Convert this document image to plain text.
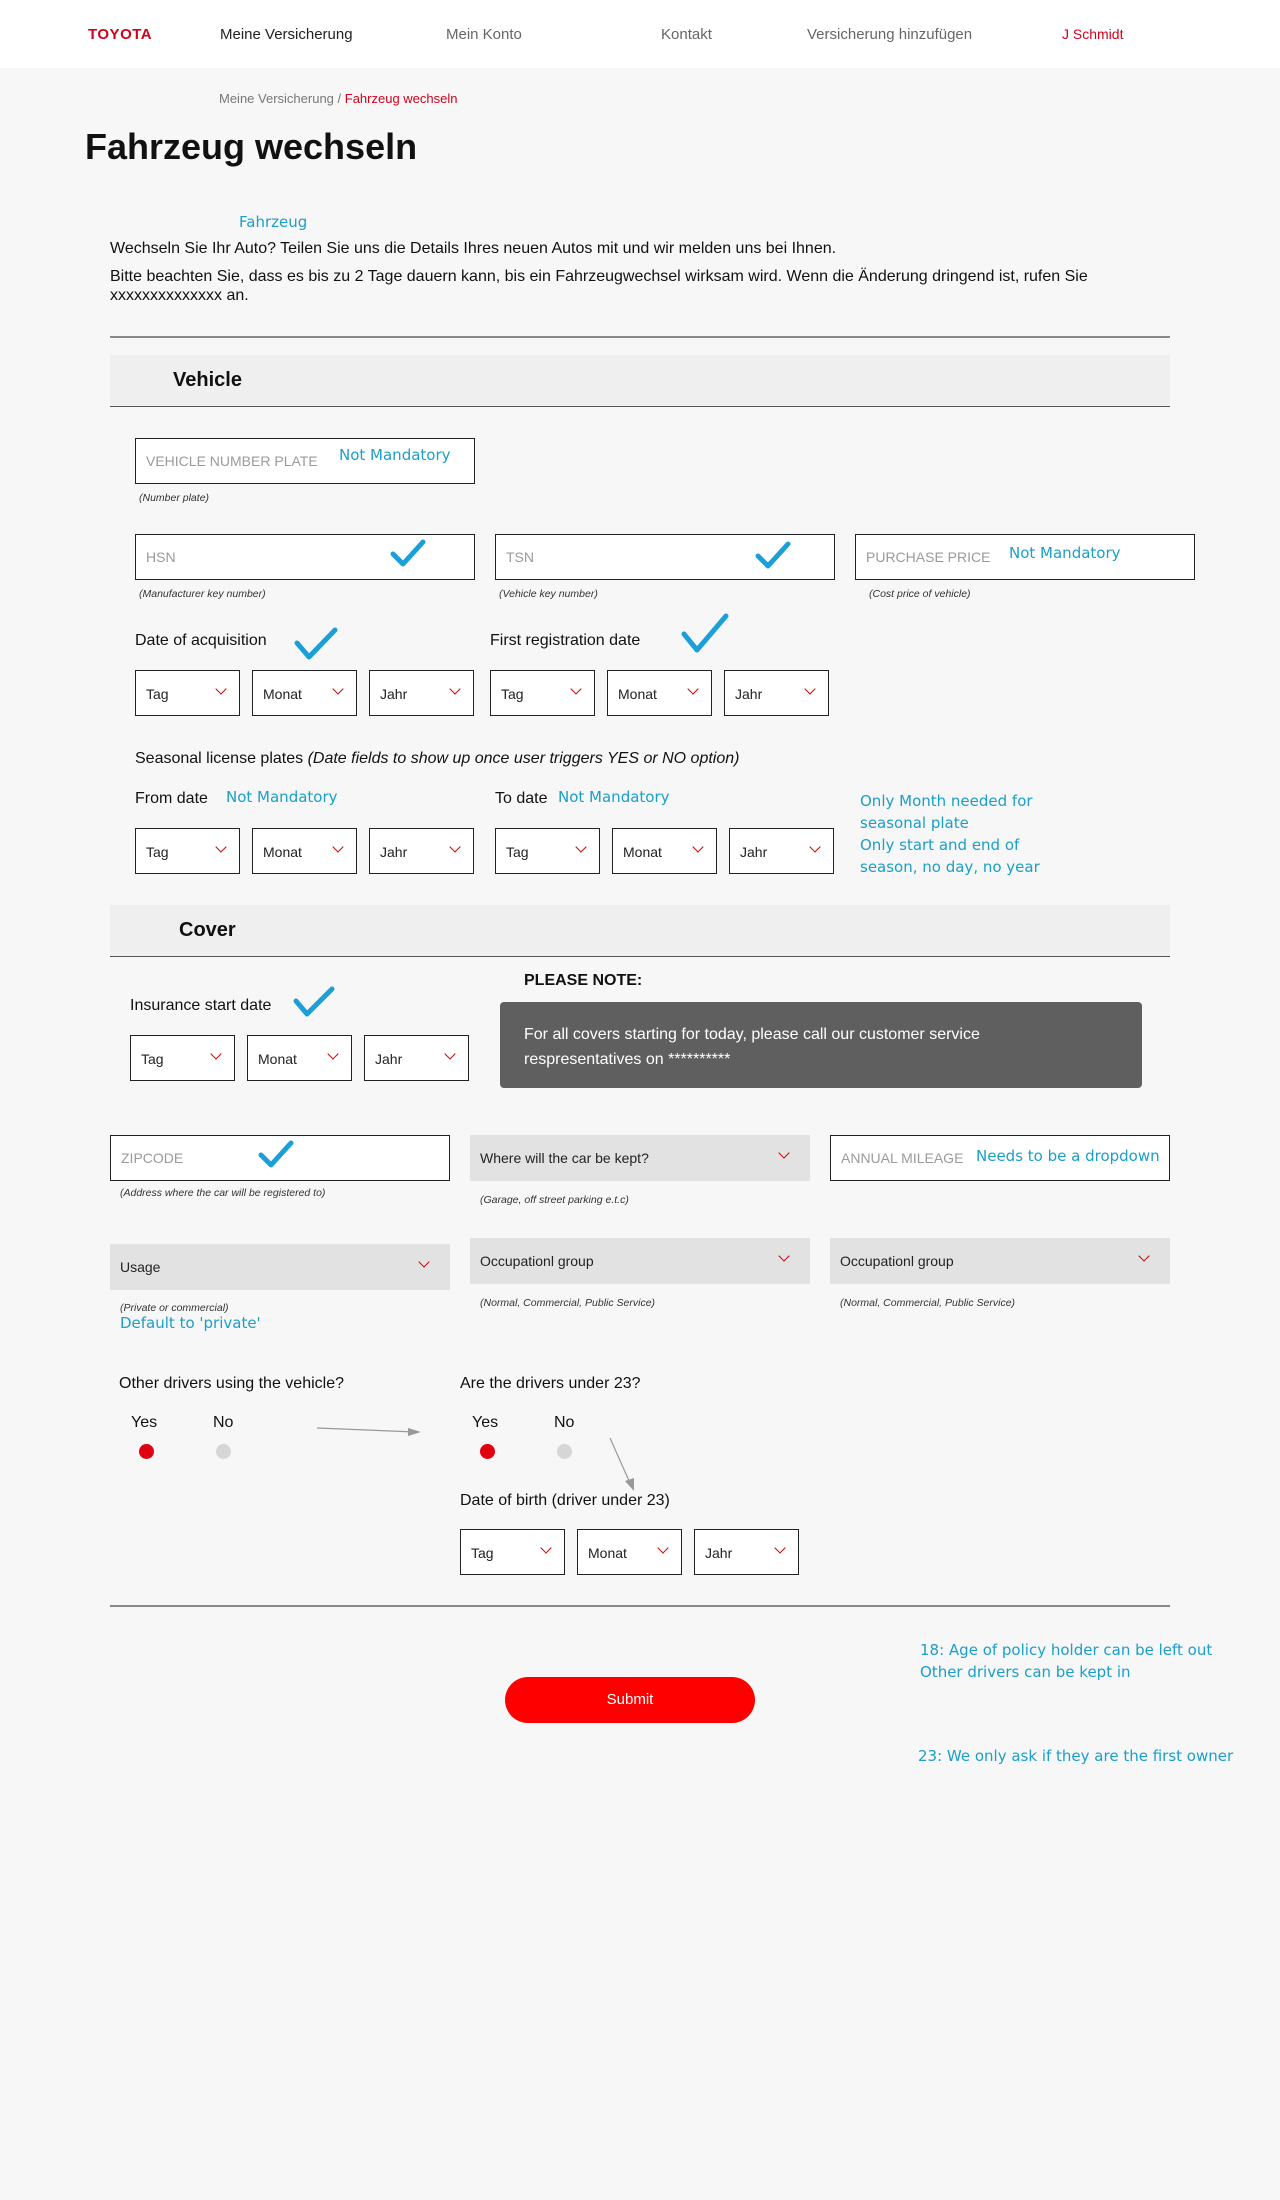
TOYOTA	Meine Versicherung	Mein Konto	Kontakt	Versicherung hinzufügen	J Schmidt
Meine Versicherung / Fahrzeug wechseln
Fahrzeug wechseln
Fahrzeug
Wechseln Sie Ihr Auto? Teilen Sie uns die Details Ihres neuen Autos mit und wir melden uns bei Ihnen.
Bitte beachten Sie, dass es bis zu 2 Tage dauern kann, bis ein Fahrzeugwechsel wirksam wird. Wenn die Änderung dringend ist, rufen Sie xxxxxxxxxxxxxx an.
Vehicle
VEHICLE NUMBER PLATE Not Mandatory
(Number plate)
HSN
(Manufacturer key number)
TSN
(Vehicle key number)
PURCHASE PRICE Not Mandatory
(Cost price of vehicle)
Date of acquisition
Tag	Monat	Jahr
First registration date
Tag	Monat	Jahr
Seasonal license plates (Date fields to show up once user triggers YES or NO option)
From date Not Mandatory
Tag	Monat	Jahr
To date Not Mandatory
Tag	Monat	Jahr
Only Month needed for
seasonal plate
Only start and end of
season, no day, no year
Cover
Insurance start date
Tag	Monat	Jahr
PLEASE NOTE:
For all covers starting for today, please call our customer service
respresentatives on **********
ZIPCODE
(Address where the car will be registered to)
Where will the car be kept?
(Garage, off street parking e.t.c)
ANNUAL MILEAGE Needs to be a dropdown
Usage
(Private or commercial)
Default to 'private'
Occupationl group
(Normal, Commercial, Public Service)
Occupationl group
(Normal, Commercial, Public Service)
Other drivers using the vehicle?
Yes	No
Are the drivers under 23?
Yes	No
Date of birth (driver under 23)
Tag	Monat	Jahr
18: Age of policy holder can be left out
Other drivers can be kept in
Submit
23: We only ask if they are the first owner
